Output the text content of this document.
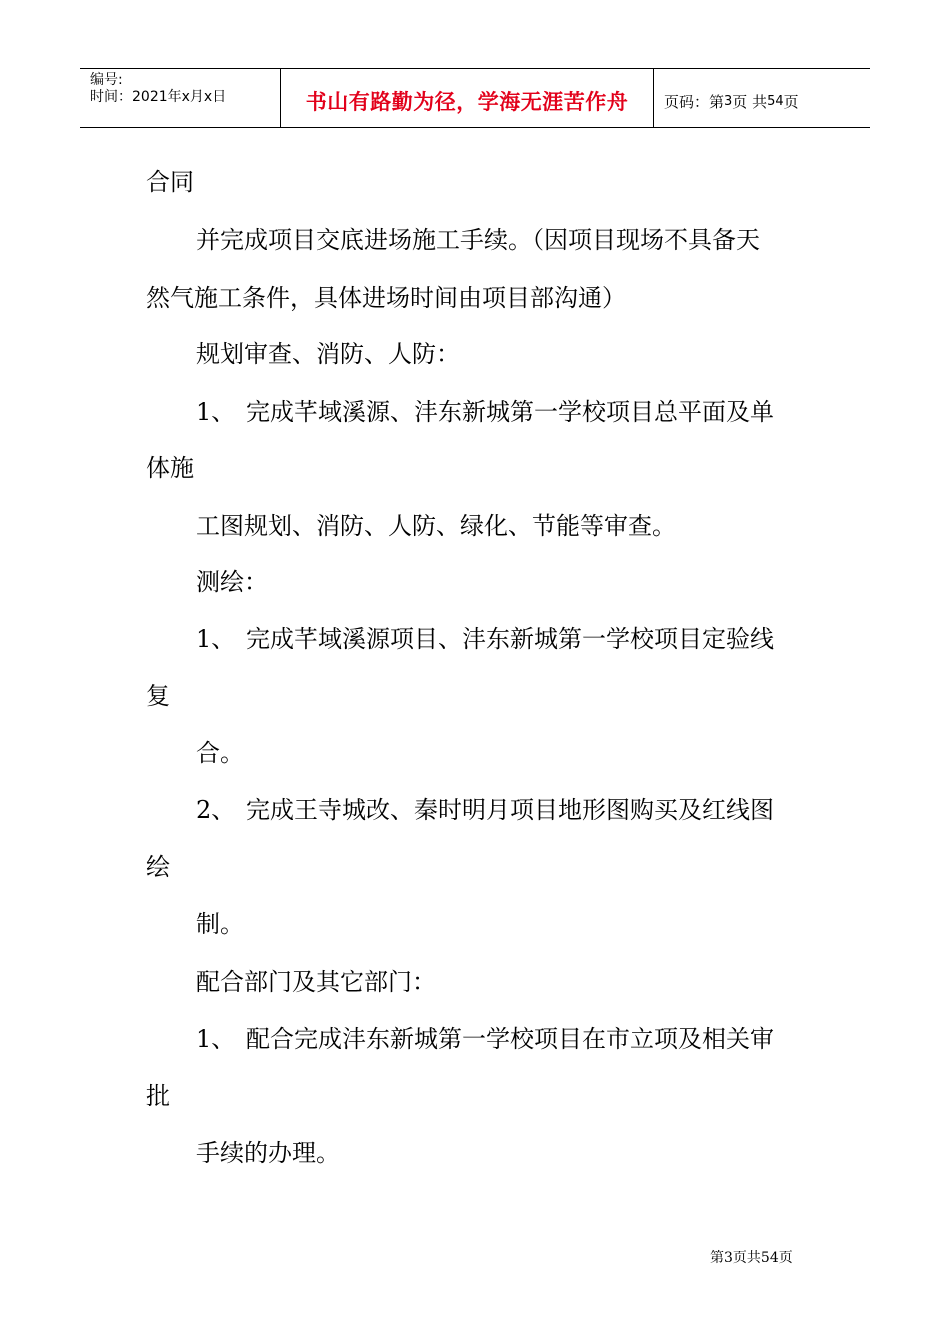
编号:
时间：2021年x月x日	书山有路勤为径，学海无涯苦作舟	页码：第 3 页 共 54 页
合同
并完成项目交底进场施工手续。（因项目现场不具备天
然气施工条件，具体进场时间由项目部沟通）
规划审查、消防、人防：
1、 完成芊域溪源、沣东新城第一学校项目总平面及单
体施
工图规划、消防、人防、绿化、节能等审查。
测绘：
1、 完成芊域溪源项目、沣东新城第一学校项目定验线
复
合。
2、 完成王寺城改、秦时明月项目地形图购买及红线图
绘
制。
配合部门及其它部门：
1、 配合完成沣东新城第一学校项目在市立项及相关审
批
手续的办理。
第3页共54页
